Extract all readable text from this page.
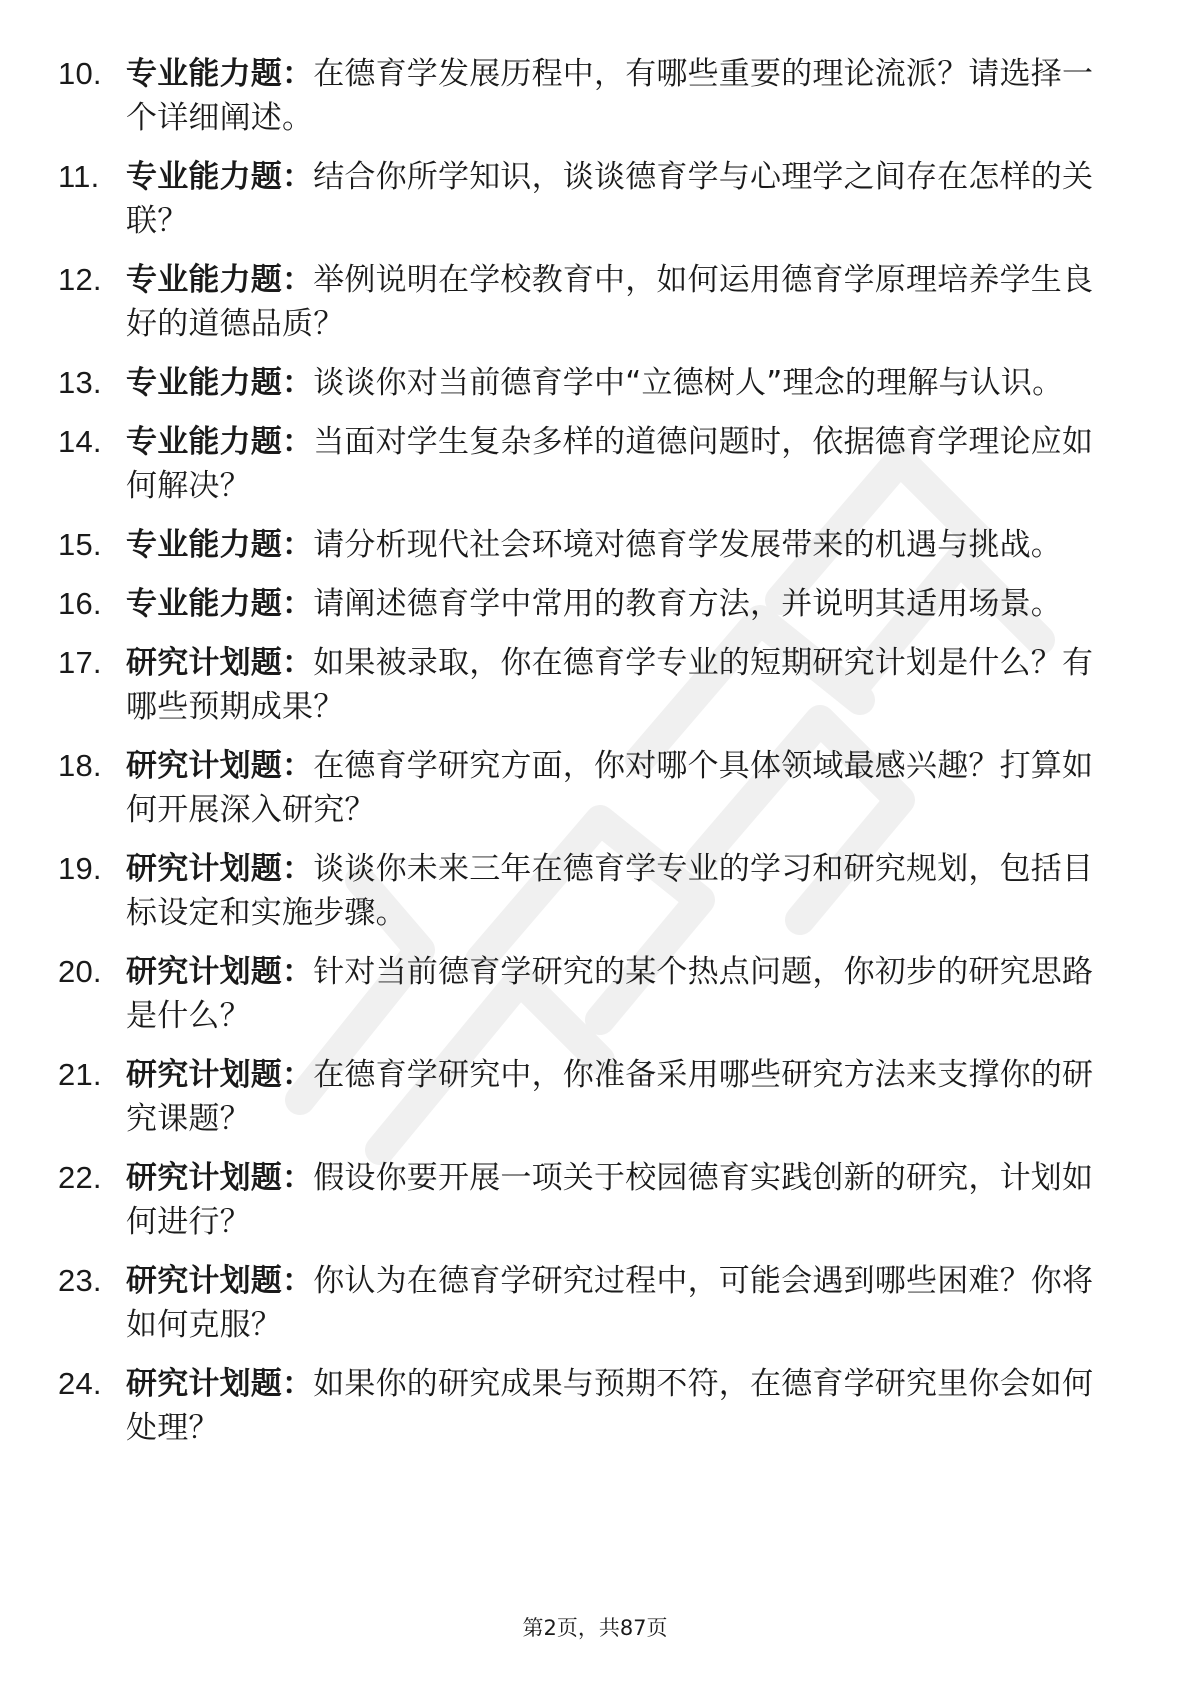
10. 专业能力题：在德育学发展历程中，有哪些重要的理论流派？请选择一个详细阐述。
11. 专业能力题：结合你所学知识，谈谈德育学与心理学之间存在怎样的关联？
12. 专业能力题：举例说明在学校教育中，如何运用德育学原理培养学生良好的道德品质？
13. 专业能力题：谈谈你对当前德育学中“立德树人”理念的理解与认识。
14. 专业能力题：当面对学生复杂多样的道德问题时，依据德育学理论应如何解决？
15. 专业能力题：请分析现代社会环境对德育学发展带来的机遇与挑战。
16. 专业能力题：请阐述德育学中常用的教育方法，并说明其适用场景。
17. 研究计划题：如果被录取，你在德育学专业的短期研究计划是什么？有哪些预期成果？
18. 研究计划题：在德育学研究方面，你对哪个具体领域最感兴趣？打算如何开展深入研究？
19. 研究计划题：谈谈你未来三年在德育学专业的学习和研究规划，包括目标设定和实施步骤。
20. 研究计划题：针对当前德育学研究的某个热点问题，你初步的研究思路是什么？
21. 研究计划题：在德育学研究中，你准备采用哪些研究方法来支撑你的研究课题？
22. 研究计划题：假设你要开展一项关于校园德育实践创新的研究，计划如何进行？
23. 研究计划题：你认为在德育学研究过程中，可能会遇到哪些困难？你将如何克服？
24. 研究计划题：如果你的研究成果与预期不符，在德育学研究里你会如何处理？
第2页，共87页
